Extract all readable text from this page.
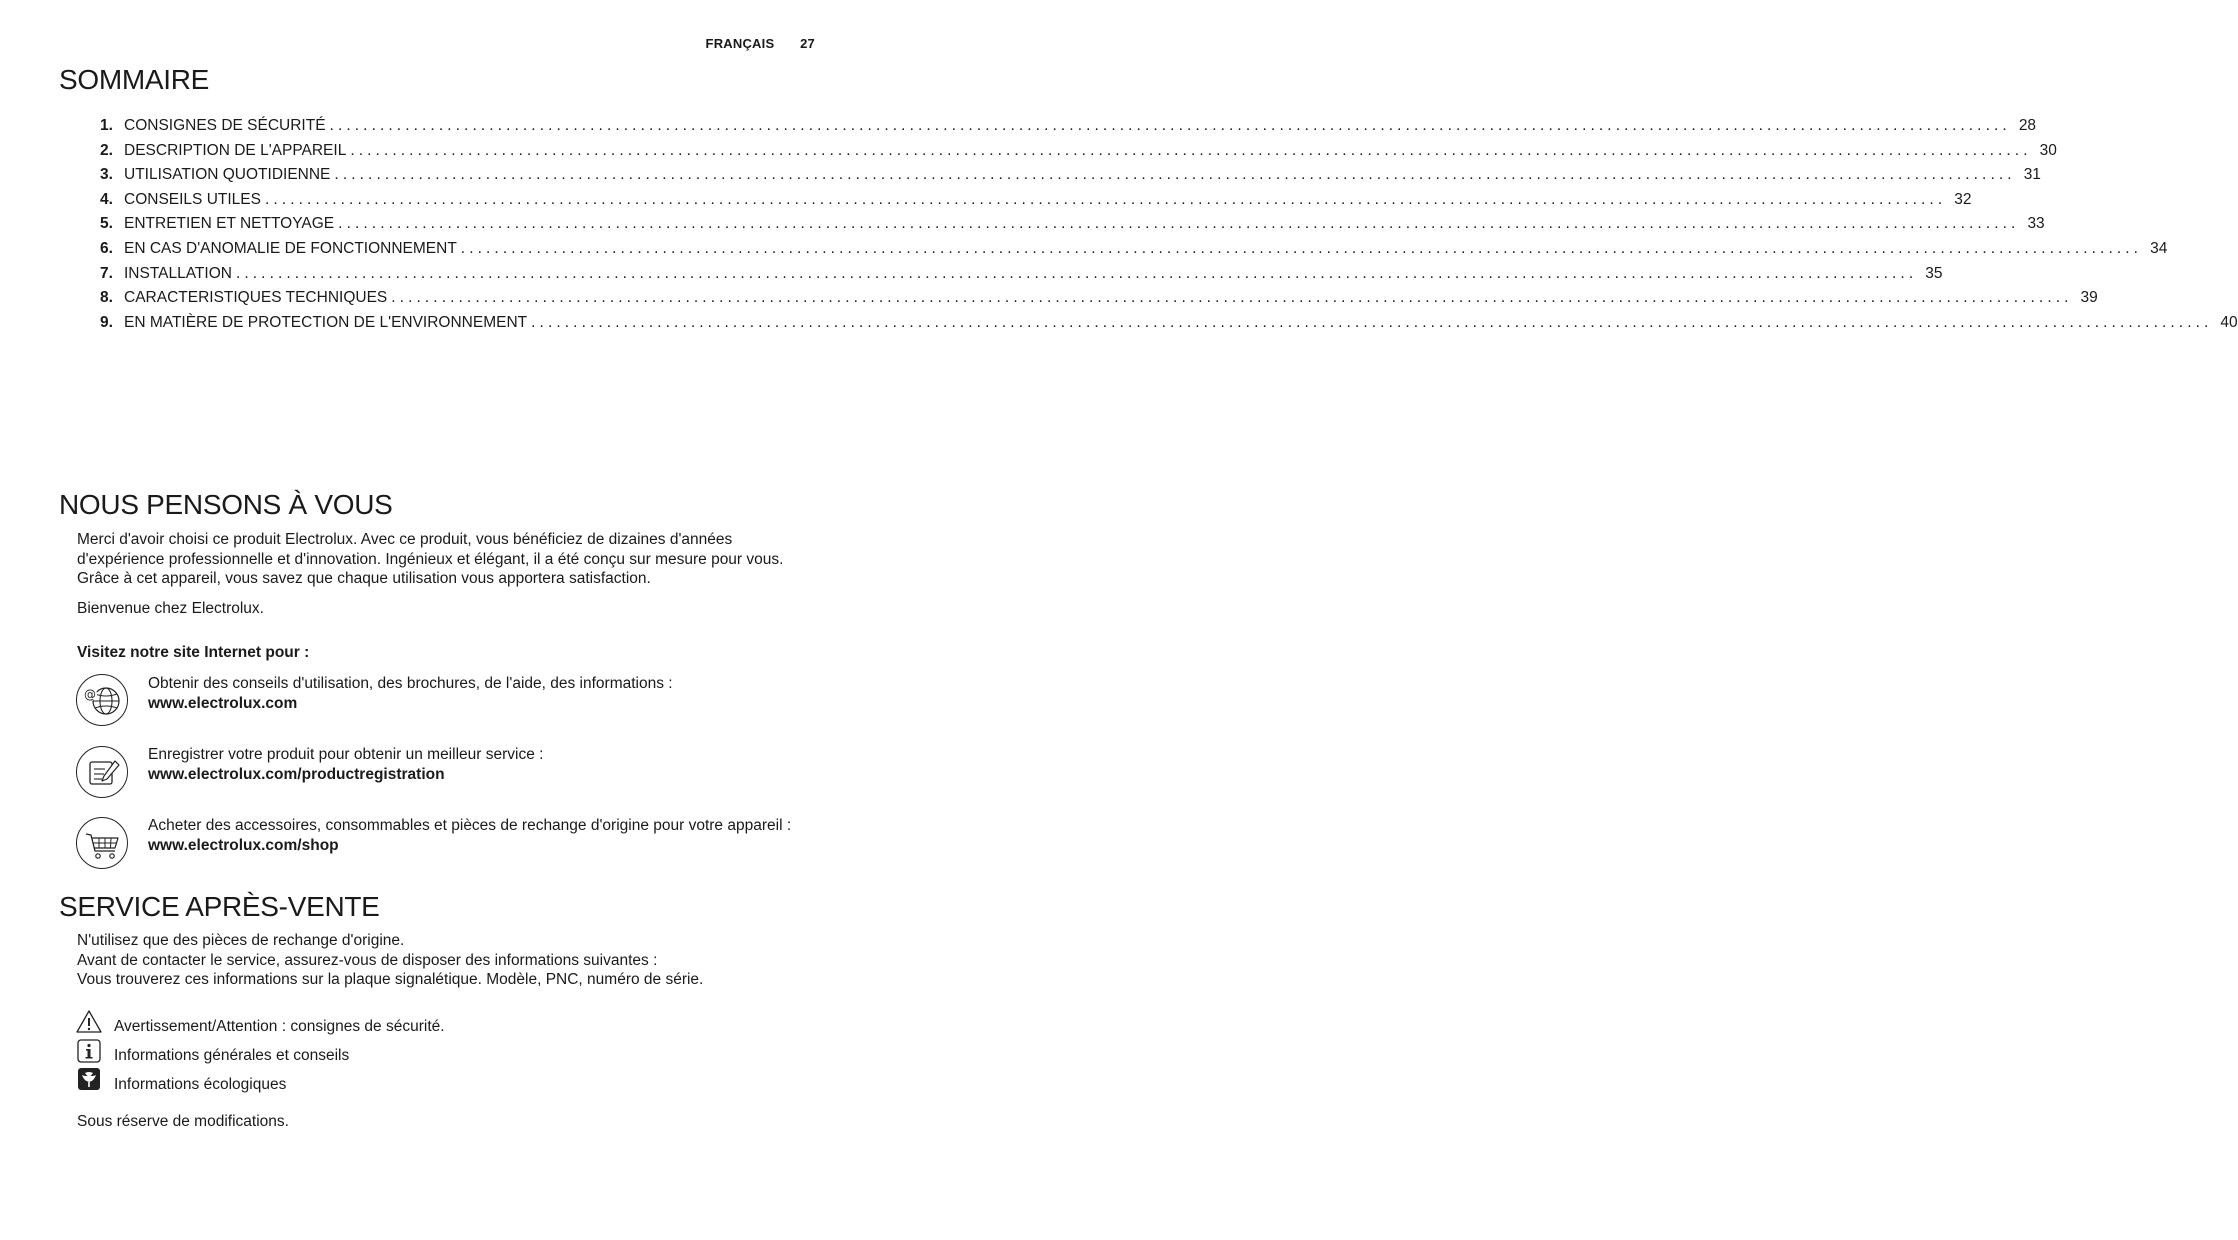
FRANÇAIS 27
SOMMAIRE
1. CONSIGNES DE SÉCURITÉ ........................................................................................................................................................................................................ 28
2. DESCRIPTION DE L'APPAREIL ........................................................................................................................................................................................................ 30
3. UTILISATION QUOTIDIENNE ........................................................................................................................................................................................................ 31
4. CONSEILS UTILES ........................................................................................................................................................................................................ 32
5. ENTRETIEN ET NETTOYAGE ........................................................................................................................................................................................................ 33
6. EN CAS D'ANOMALIE DE FONCTIONNEMENT ........................................................................................................................................................................................................ 34
7. INSTALLATION ........................................................................................................................................................................................................ 35
8. CARACTERISTIQUES TECHNIQUES ........................................................................................................................................................................................................ 39
9. EN MATIÈRE DE PROTECTION DE L'ENVIRONNEMENT ........................................................................................................................................................................................................ 40
NOUS PENSONS À VOUS

Merci d'avoir choisi ce produit Electrolux. Avec ce produit, vous bénéficiez de dizaines d'années d'expérience professionnelle et d'innovation. Ingénieux et élégant, il a été conçu sur mesure pour vous. Grâce à cet appareil, vous savez que chaque utilisation vous apportera satisfaction.

Bienvenue chez Electrolux.

Visitez notre site Internet pour :

@
Obtenir des conseils d'utilisation, des brochures, de l'aide, des informations :
www.electrolux.com
Enregistrer votre produit pour obtenir un meilleur service :
www.electrolux.com/productregistration
Acheter des accessoires, consommables et pièces de rechange d'origine pour votre appareil :
www.electrolux.com/shop
SERVICE APRÈS-VENTE
N'utilisez que des pièces de rechange d'origine.
Avant de contacter le service, assurez-vous de disposer des informations suivantes :
Vous trouverez ces informations sur la plaque signalétique. Modèle, PNC, numéro de série.
Avertissement/Attention : consignes de sécurité.
Informations générales et conseils
Informations écologiques

Sous réserve de modifications.
